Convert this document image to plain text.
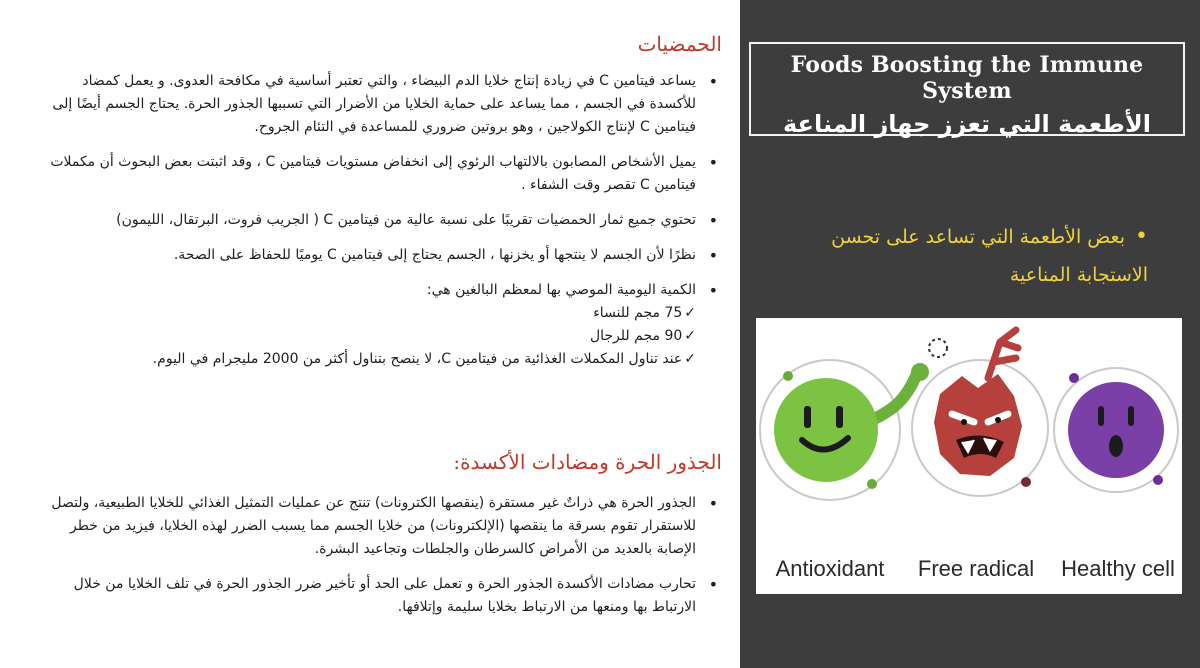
الحمضيات
• يساعد فيتامين C في زيادة إنتاج خلايا الدم البيضاء ، والتي تعتبر أساسية في مكافحة العدوى. و يعمل كمضاد للأكسدة في الجسم ، مما يساعد على حماية الخلايا من الأضرار التي تسببها الجذور الحرة. يحتاج الجسم أيضًا إلى فيتامين C لإنتاج الكولاجين ، وهو بروتين ضروري للمساعدة في التئام الجروح.
• يميل الأشخاص المصابون بالالتهاب الرئوي إلى انخفاض مستويات فيتامين C ، وقد اثبتت بعض البحوث أن مكملات فيتامين C تقصر وقت الشفاء .
• تحتوي جميع ثمار الحمضيات تقريبًا على نسبة عالية من فيتامين C ( الجريب فروت، البرتقال، الليمون)
• نظرًا لأن الجسم لا ينتجها أو يخزنها ، الجسم يحتاج إلى فيتامين C يوميًا للحفاظ على الصحة.
• الكمية اليومية الموصي بها لمعظم البالغين هي:
✓75 مجم للنساء
✓90 مجم للرجال
✓عند تناول المكملات الغذائية من فيتامين C، لا ينصح بتناول أكثر من 2000 مليجرام في اليوم.
الجذور الحرة ومضادات الأكسدة:
• الجذور الحرة هي ذراتٌ غير مستقرة (ينقصها الكترونات) تنتج عن عمليات التمثيل الغذائي للخلايا الطبيعية، ولتصل للاستقرار تقوم بسرقة ما ينقصها (الإلكترونات) من خلايا الجسم مما يسبب الضرر لهذه الخلايا، فيزيد من خطر الإصابة بالعديد من الأمراض كالسرطان والجلطات وتجاعيد البشرة.
• تحارب مضادات الأكسدة الجذور الحرة و تعمل على الحد أو تأخير ضرر الجذور الحرة في تلف الخلايا من خلال الارتباط بها ومنعها من الارتباط بخلايا سليمة وإتلافها.
Foods Boosting the Immune System
الأطعمة التي تعزز جهاز المناعة
•بعض الأطعمة التي تساعد على تحسن الاستجابة المناعية
Antioxidant Free radical Healthy cell
